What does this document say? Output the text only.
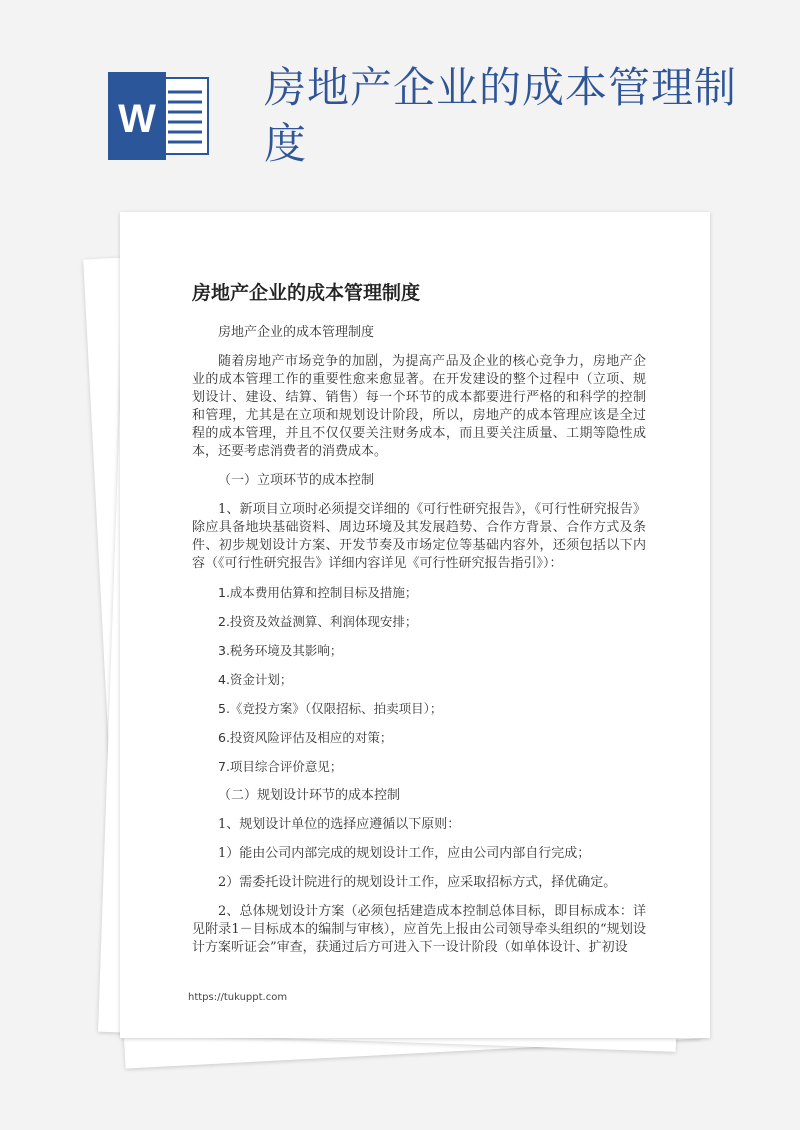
W
房地产企业的成本管理制度
房地产企业的成本管理制度

房地产企业的成本管理制度

随着房地产市场竞争的加剧，为提高产品及企业的核心竞争力，房地产企业的成本管理工作的重要性愈来愈显著。在开发建设的整个过程中（立项、规划设计、建设、结算、销售）每一个环节的成本都要进行严格的和科学的控制和管理，尤其是在立项和规划设计阶段，所以，房地产的成本管理应该是全过程的成本管理，并且不仅仅要关注财务成本，而且要关注质量、工期等隐性成本，还要考虑消费者的消费成本。

（一）立项环节的成本控制

1、新项目立项时必须提交详细的《可行性研究报告》，《可行性研究报告》除应具备地块基础资料、周边环境及其发展趋势、合作方背景、合作方式及条件、初步规划设计方案、开发节奏及市场定位等基础内容外，还须包括以下内容（《可行性研究报告》详细内容详见《可行性研究报告指引》）：

1.成本费用估算和控制目标及措施；

2.投资及效益测算、利润体现安排；

3.税务环境及其影响；

4.资金计划；

5.《竞投方案》（仅限招标、拍卖项目）；

6.投资风险评估及相应的对策；

7.项目综合评价意见；

（二）规划设计环节的成本控制

1、规划设计单位的选择应遵循以下原则：

1）能由公司内部完成的规划设计工作，应由公司内部自行完成；

2）需委托设计院进行的规划设计工作，应采取招标方式，择优确定。

2、总体规划设计方案（必须包括建造成本控制总体目标，即目标成本：详见附录1－目标成本的编制与审核），应首先上报由公司领导牵头组织的“规划设计方案听证会”审查，获通过后方可进入下一设计阶段（如单体设计、扩初设

https://tukuppt.com
